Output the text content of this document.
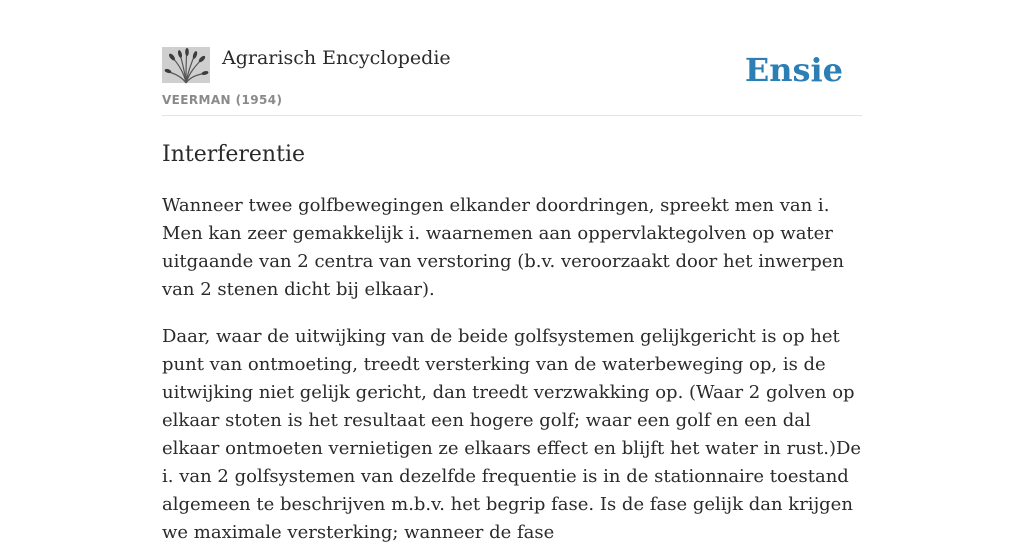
Agrarisch Encyclopedie
VEERMAN (1954)
Ensie
Interferentie

Wanneer twee golfbewegingen elkander doordringen, spreekt men van i. Men kan zeer gemakkelijk i. waarnemen aan oppervlaktegolven op water uitgaande van 2 centra van verstoring (b.v. veroorzaakt door het inwerpen van 2 stenen dicht bij elkaar).

Daar, waar de uitwijking van de beide golfsystemen gelijkgericht is op het punt van ontmoeting, treedt versterking van de waterbeweging op, is de uitwijking niet gelijk gericht, dan treedt verzwakking op. (Waar 2 golven op elkaar stoten is het resultaat een hogere golf; waar een golf en een dal elkaar ontmoeten vernietigen ze elkaars effect en blijft het water in rust.)De i. van 2 golfsystemen van dezelfde frequentie is in de stationnaire toestand algemeen te beschrijven m.b.v. het begrip fase. Is de fase gelijk dan krijgen we maximale versterking; wanneer de fase
